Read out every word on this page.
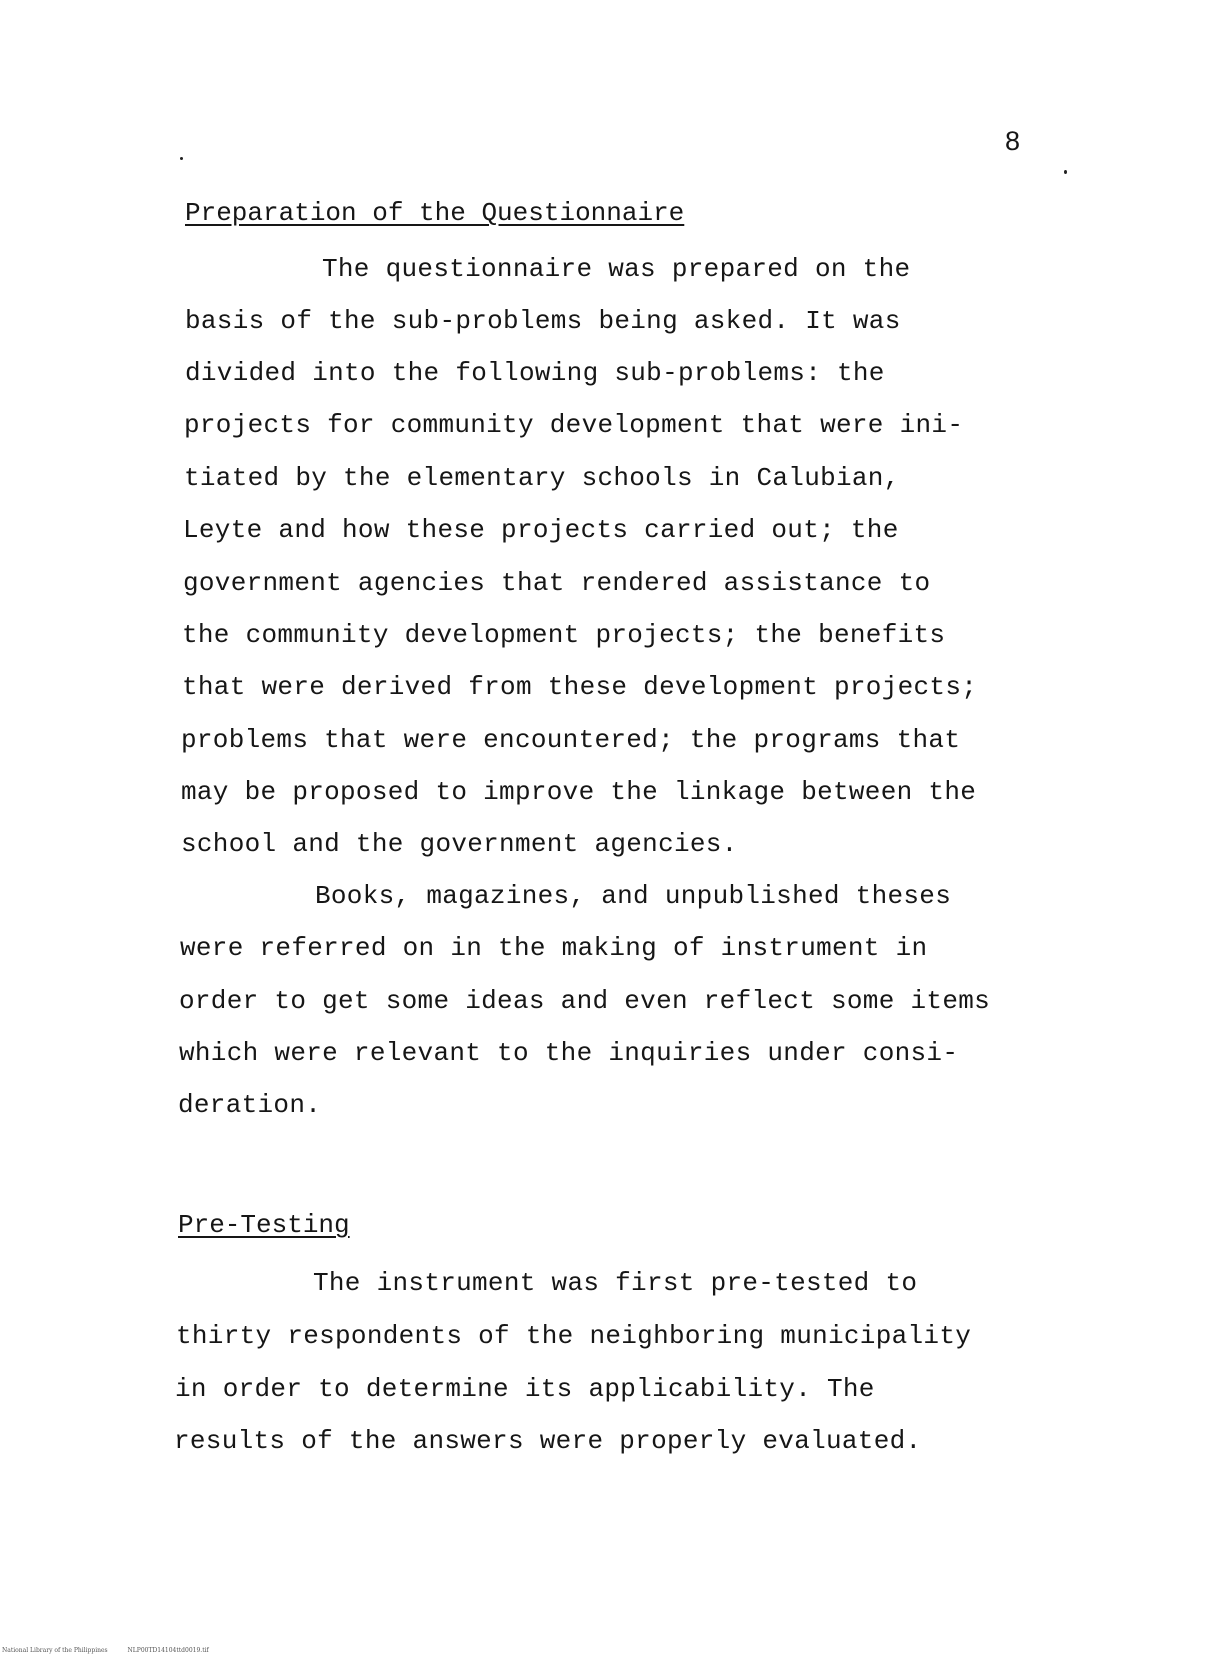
8
Preparation of the Questionnaire
The questionnaire was prepared on the
basis of the sub-problems being asked. It was
divided into the following sub-problems: the
projects for community development that were ini-
tiated by the elementary schools in Calubian,
Leyte and how these projects carried out; the
government agencies that rendered assistance to
the community development projects; the benefits
that were derived from these development projects;
problems that were encountered; the programs that
may be proposed to improve the linkage between the
school and the government agencies.
Books, magazines, and unpublished theses
were referred on in the making of instrument in
order to get some ideas and even reflect some items
which were relevant to the inquiries under consi-
deration.
Pre-Testing
The instrument was first pre-tested to
thirty respondents of the neighboring municipality
in order to determine its applicability. The
results of the answers were properly evaluated.
National Library of the Philippines	NLP00TD14104ttd0019.tif
